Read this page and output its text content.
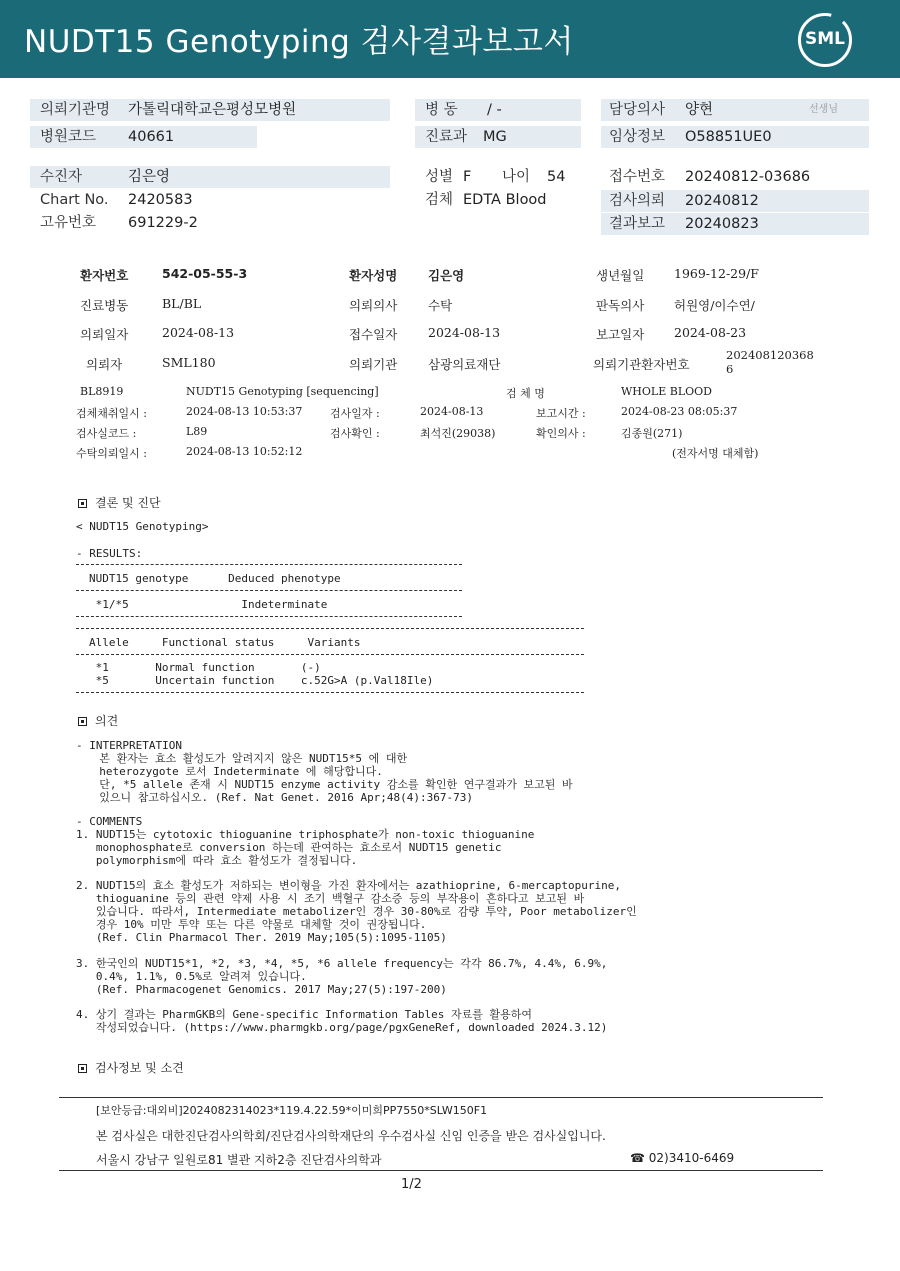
NUDT15 Genotyping 검사결과보고서	SML
의뢰기관명 가톨릭대학교은평성모병원
병원코드 40661
병 동 / -
진료과 MG
담당의사 양현	선생님
임상정보 O58851UE0
수진자	김은영
Chart No. 2420583
고유번호 691229-2
성별 F 나이 54
검체 EDTA Blood
접수번호 20240812-03686
검사의뢰 20240812
결과보고 20240823
환자번호	542-05-55-3	환자성명 김은영	생년월일 1969-12-29/F
진료병동	BL/BL	의뢰의사 수탁	판독의사 허원영/이수연/
의뢰일자	2024-08-13	접수일자 2024-08-13	보고일자 2024-08-23
의뢰자	SML180	의뢰기관 삼광의료재단	의뢰기관환자번호
202408120368
6
BL8919	NUDT15 Genotyping [sequencing]	검 체 명	WHOLE BLOOD
검체채취일시 :	2024-08-13 10:53:37	검사일자 :	2024-08-13	보고시간 :	2024-08-23 08:05:37
검사실코드 :	L89	검사확인 :	최석진(29038)	확인의사 :	김종원(271)
수탁의뢰일시 :	2024-08-13 10:52:12	(전자서명 대체함)
결론 및 진단
< NUDT15 Genotyping>
- RESULTS:
NUDT15 genotype      Deduced phenotype
*1/*5                 Indeterminate
Allele     Functional status     Variants
*1       Normal function       (-)
*5       Uncertain function    c.52G>A (p.Val18Ile)
의견
- INTERPRETATION
본 환자는 효소 활성도가 알려지지 않은 NUDT15*5 에 대한
heterozygote 로서 Indeterminate 에 해당합니다.
단, *5 allele 존재 시 NUDT15 enzyme activity 감소를 확인한 연구결과가 보고된 바
있으니 참고하십시오. (Ref. Nat Genet. 2016 Apr;48(4):367-73)
- COMMENTS
1. NUDT15는 cytotoxic thioguanine triphosphate가 non-toxic thioguanine
monophosphate로 conversion 하는데 관여하는 효소로서 NUDT15 genetic
polymorphism에 따라 효소 활성도가 결정됩니다.
2. NUDT15의 효소 활성도가 저하되는 변이형을 가진 환자에서는 azathioprine, 6-mercaptopurine,
thioguanine 등의 관련 약제 사용 시 조기 백혈구 감소증 등의 부작용이 흔하다고 보고된 바
있습니다. 따라서, Intermediate metabolizer인 경우 30-80%로 감량 투약, Poor metabolizer인
경우 10% 미만 투약 또는 다른 약물로 대체할 것이 권장됩니다.
(Ref. Clin Pharmacol Ther. 2019 May;105(5):1095-1105)
3. 한국인의 NUDT15*1, *2, *3, *4, *5, *6 allele frequency는 각각 86.7%, 4.4%, 6.9%,
0.4%, 1.1%, 0.5%로 알려져 있습니다.
(Ref. Pharmacogenet Genomics. 2017 May;27(5):197-200)
4. 상기 결과는 PharmGKB의 Gene-specific Information Tables 자료를 활용하여
작성되었습니다. (https://www.pharmgkb.org/page/pgxGeneRef, downloaded 2024.3.12)
검사정보 및 소견
[보안등급:대외비]2024082314023*119.4.22.59*이미희PP7550*SLW150F1
본 검사실은 대한진단검사의학회/진단검사의학재단의 우수검사실 신임 인증을 받은 검사실입니다.
서울시 강남구 일원로81 별관 지하2층 진단검사의학과	☎ 02)3410-6469
1/2
